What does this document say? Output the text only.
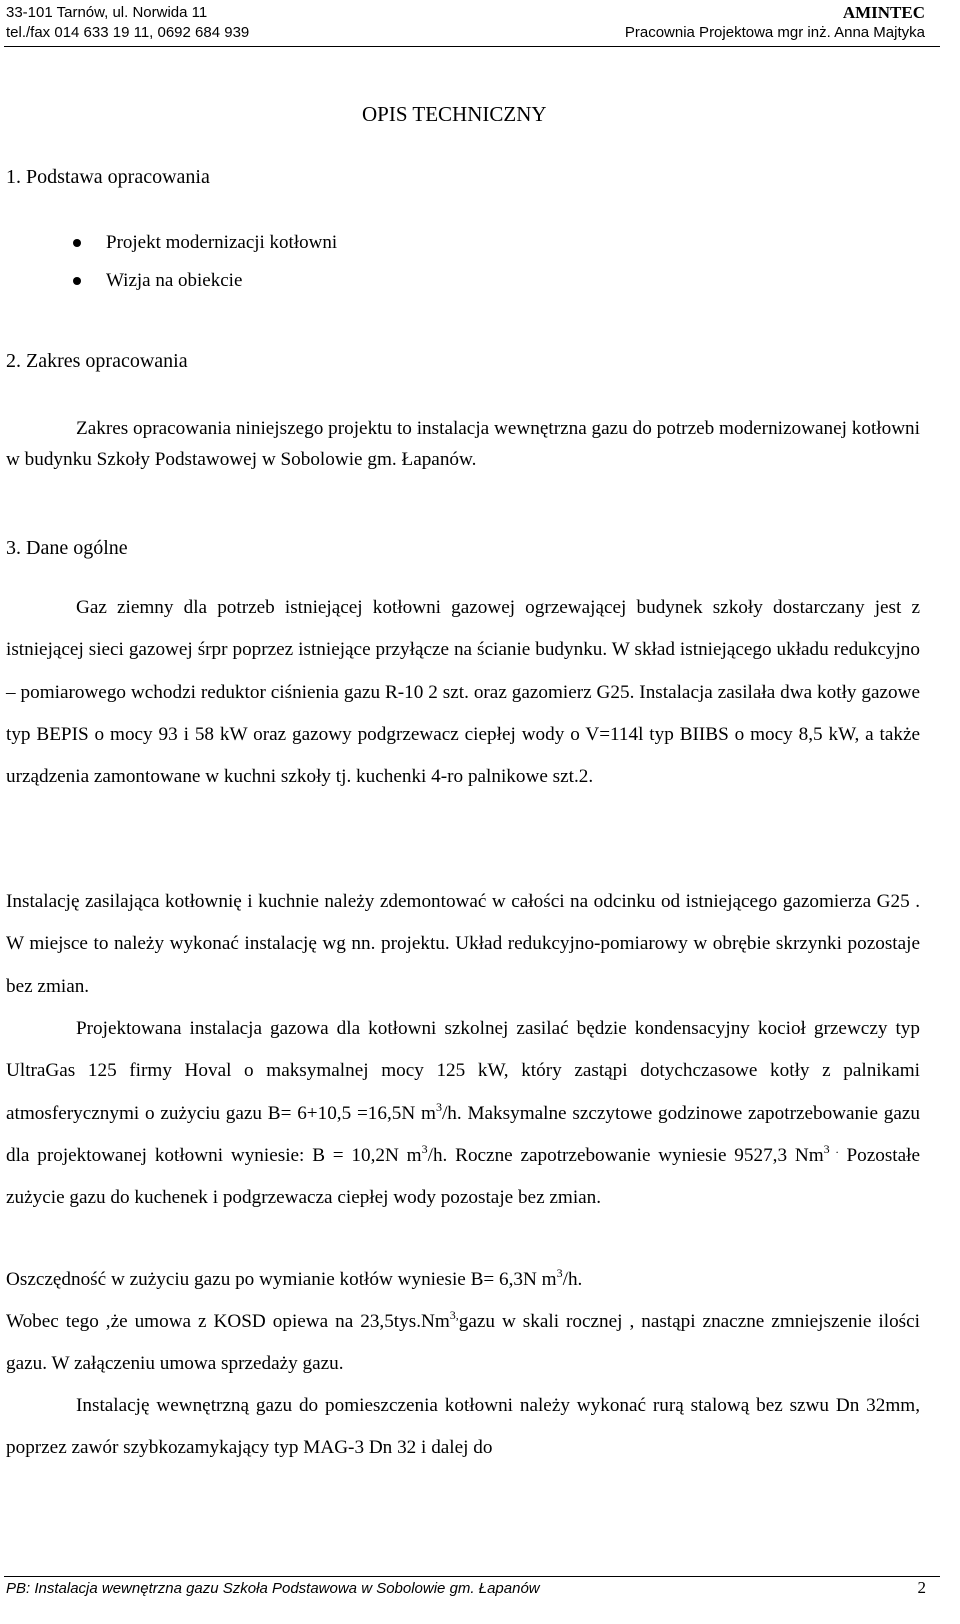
33-101 Tarnów, ul. Norwida 11
tel./fax 014 633 19 11, 0692 684 939
AMINTEC
Pracownia Projektowa mgr inż. Anna Majtyka
OPIS TECHNICZNY
1. Podstawa opracowania
Projekt modernizacji kotłowni
Wizja na obiekcie
2. Zakres opracowania

Zakres opracowania niniejszego projektu to instalacja wewnętrzna gazu do potrzeb modernizowanej kotłowni w budynku Szkoły Podstawowej w Sobolowie gm. Łapanów.

3. Dane ogólne

Gaz ziemny dla potrzeb istniejącej kotłowni gazowej ogrzewającej budynek szkoły dostarczany jest z istniejącej sieci gazowej śrpr poprzez istniejące przyłącze na ścianie budynku. W skład istniejącego układu redukcyjno – pomiarowego wchodzi reduktor ciśnienia gazu R-10 2 szt. oraz gazomierz G25. Instalacja zasilała dwa kotły gazowe typ BEPIS o mocy 93 i 58 kW oraz gazowy podgrzewacz ciepłej wody o V=114l typ BIIBS o mocy 8,5 kW, a także urządzenia zamontowane w kuchni szkoły tj. kuchenki 4-ro palnikowe szt.2.

Instalację zasilająca kotłownię i kuchnie należy zdemontować w całości na odcinku od istniejącego gazomierza G25 . W miejsce to należy wykonać instalację wg nn. projektu. Układ redukcyjno-pomiarowy w obrębie skrzynki pozostaje bez zmian.

Projektowana instalacja gazowa dla kotłowni szkolnej zasilać będzie kondensacyjny kocioł grzewczy typ UltraGas 125 firmy Hoval o maksymalnej mocy 125 kW, który zastąpi dotychczasowe kotły z palnikami atmosferycznymi o zużyciu gazu B= 6+10,5 =16,5N $m^3/h$. Maksymalne szczytowe godzinowe zapotrzebowanie gazu dla projektowanej kotłowni wyniesie: B = 10,2N $m^3/h$. Roczne zapotrzebowanie wyniesie 9527,3 $Nm^{3 .}$ Pozostałe zużycie gazu do kuchenek i podgrzewacza ciepłej wody pozostaje bez zmian.

Oszczędność w zużyciu gazu po wymianie kotłów wyniesie B= 6,3N $m^3/h$.

Wobec tego ,że umowa z KOSD opiewa na $23,5tys.Nm^{3,}gazu$ w skali rocznej , nastąpi znaczne zmniejszenie ilości gazu. W załączeniu umowa sprzedaży gazu.

Instalację wewnętrzną gazu do pomieszczenia kotłowni należy wykonać rurą stalową bez szwu Dn 32mm, poprzez zawór szybkozamykający typ MAG-3 Dn 32 i dalej do

PB: Instalacja wewnętrzna gazu Szkoła Podstawowa w Sobolowie gm. Łapanów	2
